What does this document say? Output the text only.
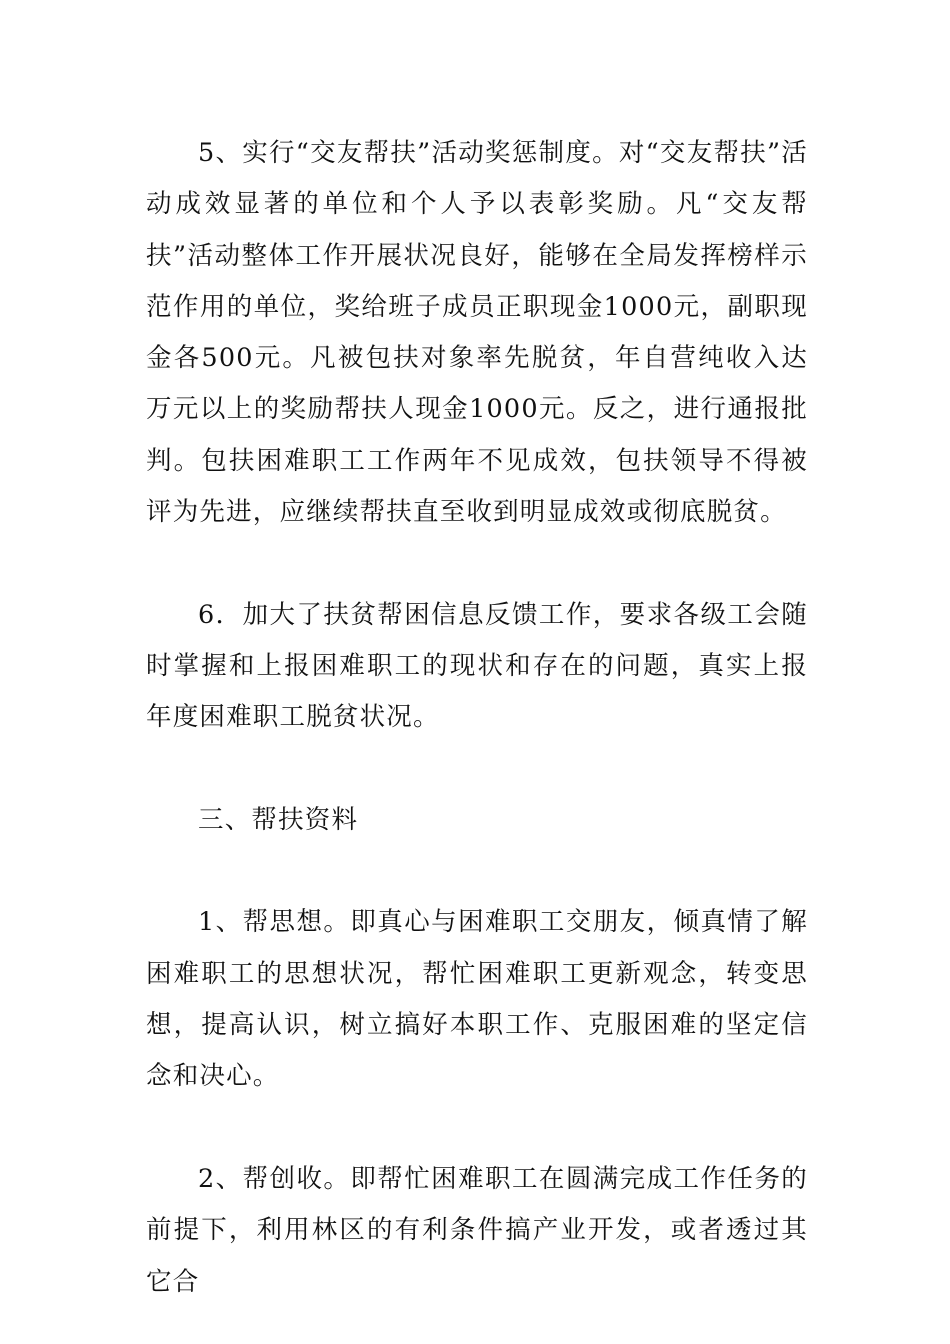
5、实行“交友帮扶”活动奖惩制度。对“交友帮扶”活动成效显著的单位和个人予以表彰奖励。凡“交友帮扶”活动整体工作开展状况良好，能够在全局发挥榜样示范作用的单位，奖给班子成员正职现金1000元，副职现金各500元。凡被包扶对象率先脱贫，年自营纯收入达万元以上的奖励帮扶人现金1000元。反之，进行通报批判。包扶困难职工工作两年不见成效，包扶领导不得被评为先进，应继续帮扶直至收到明显成效或彻底脱贫。

6．加大了扶贫帮困信息反馈工作，要求各级工会随时掌握和上报困难职工的现状和存在的问题，真实上报年度困难职工脱贫状况。

三、帮扶资料

1、帮思想。即真心与困难职工交朋友，倾真情了解困难职工的思想状况，帮忙困难职工更新观念，转变思想，提高认识，树立搞好本职工作、克服困难的坚定信念和决心。

2、帮创收。即帮忙困难职工在圆满完成工作任务的前提下，利用林区的有利条件搞产业开发，或者透过其它合
